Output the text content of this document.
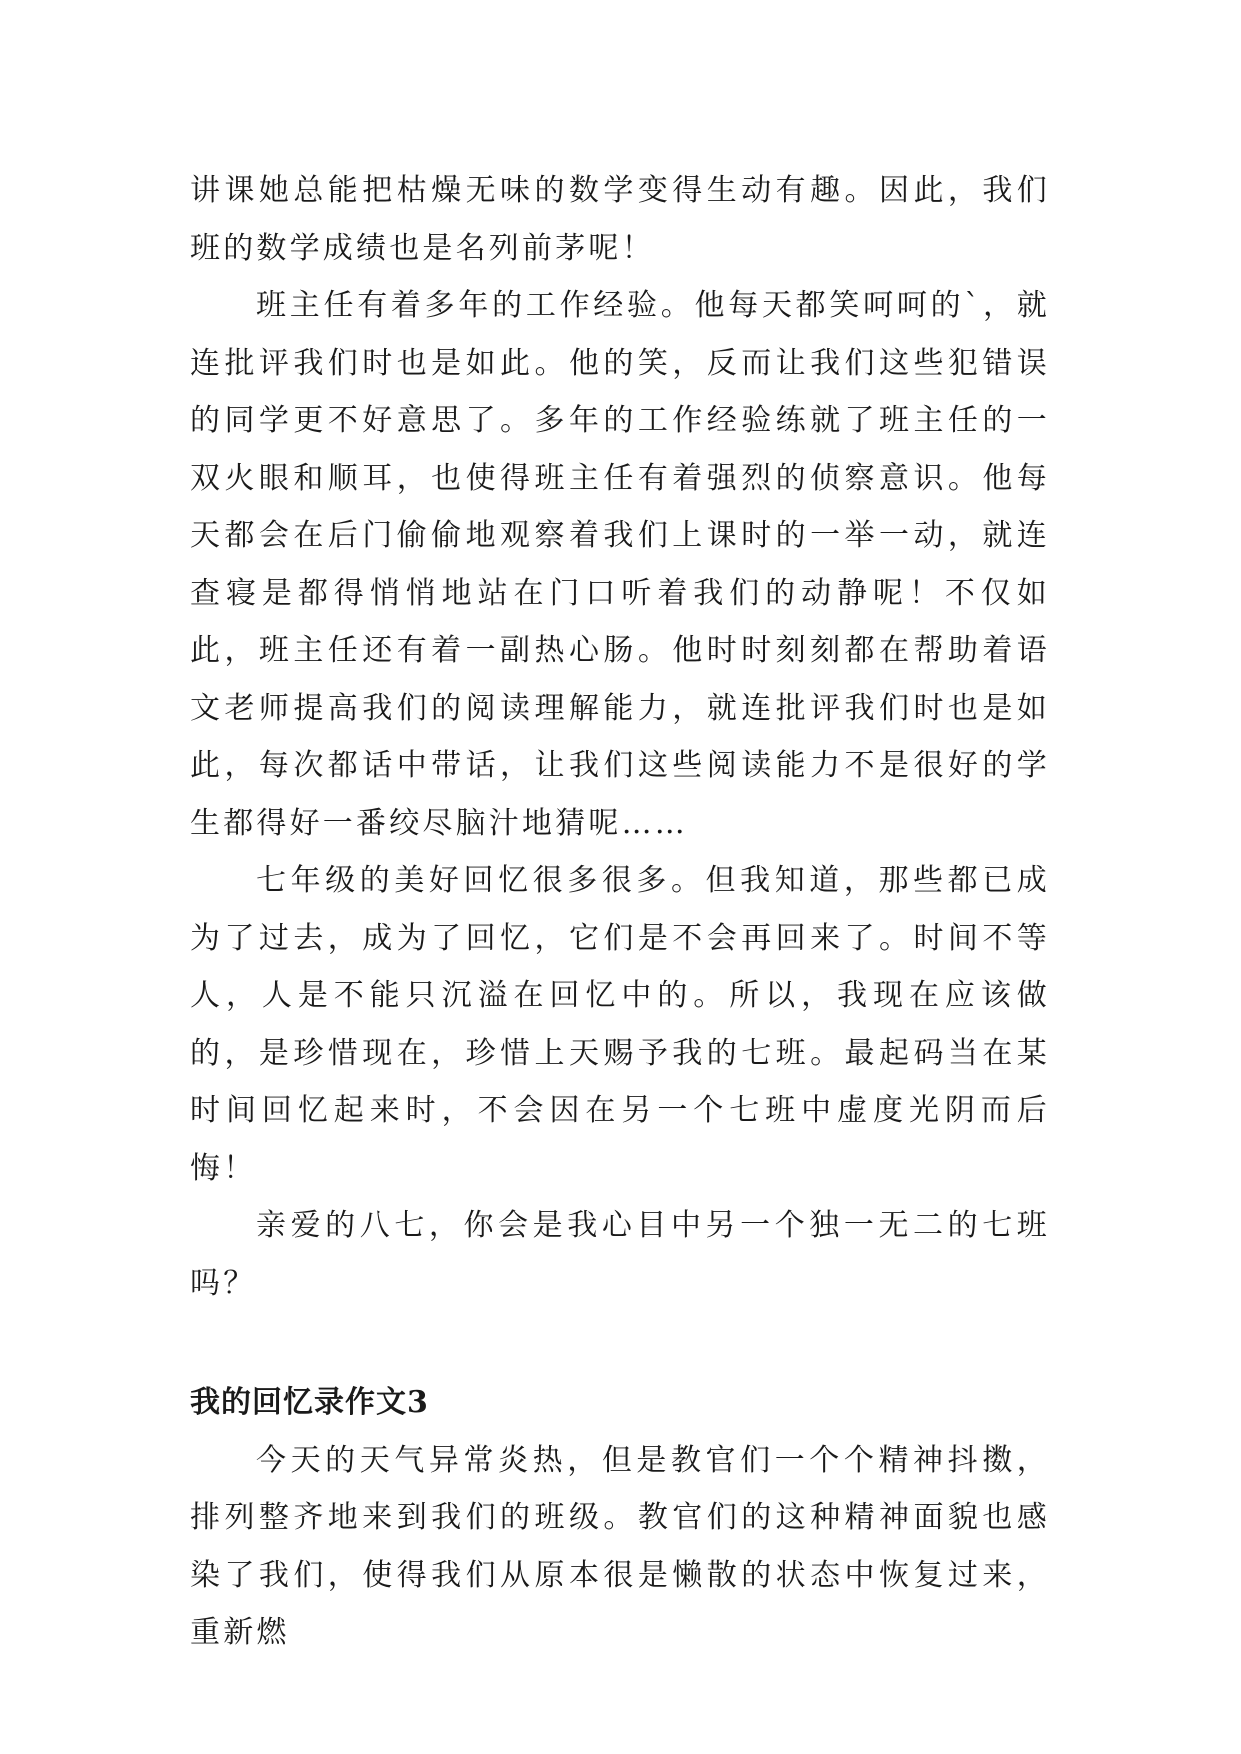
讲课她总能把枯燥无味的数学变得生动有趣。因此，我们班的数学成绩也是名列前茅呢！

班主任有着多年的工作经验。他每天都笑呵呵的`，就连批评我们时也是如此。他的笑，反而让我们这些犯错误的同学更不好意思了。多年的工作经验练就了班主任的一双火眼和顺耳，也使得班主任有着强烈的侦察意识。他每天都会在后门偷偷地观察着我们上课时的一举一动，就连查寝是都得悄悄地站在门口听着我们的动静呢！不仅如此，班主任还有着一副热心肠。他时时刻刻都在帮助着语文老师提高我们的阅读理解能力，就连批评我们时也是如此，每次都话中带话，让我们这些阅读能力不是很好的学生都得好一番绞尽脑汁地猜呢……

七年级的美好回忆很多很多。但我知道，那些都已成为了过去，成为了回忆，它们是不会再回来了。时间不等人，人是不能只沉溢在回忆中的。所以，我现在应该做的，是珍惜现在，珍惜上天赐予我的七班。最起码当在某时间回忆起来时，不会因在另一个七班中虚度光阴而后悔！

亲爱的八七，你会是我心目中另一个独一无二的七班吗？

我的回忆录作文3

今天的天气异常炎热，但是教官们一个个精神抖擞，排列整齐地来到我们的班级。教官们的这种精神面貌也感染了我们，使得我们从原本很是懒散的状态中恢复过来，重新燃
